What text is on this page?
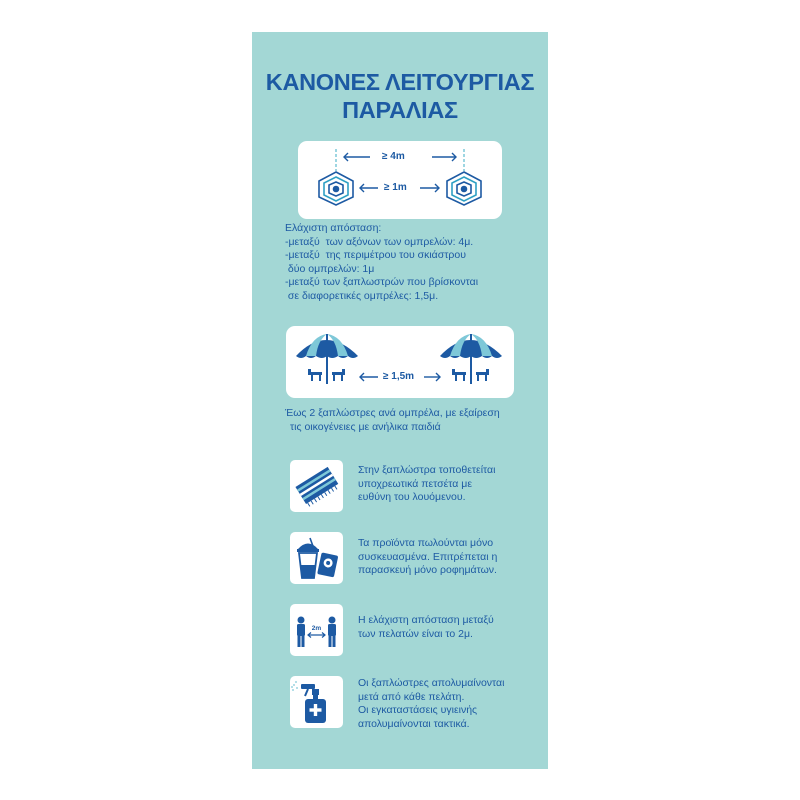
ΚΑΝΟΝΕΣ ΛΕΙΤΟΥΡΓΙΑΣ
ΠΑΡΑΛΙΑΣ
≥ 4m
≥ 1m
Ελάχιστη απόσταση:
-μεταξύ  των αξόνων των ομπρελών: 4μ.
-μεταξύ  της περιμέτρου του σκιάστρου
δύο ομπρελών: 1μ
-μεταξύ των ξαπλωστρών που βρίσκονται
σε διαφορετικές ομπρέλες: 1,5μ.
≥ 1,5m
Έως 2 ξαπλώστρες ανά ομπρέλα, με εξαίρεση
τις οικογένειες με ανήλικα παιδιά
Στην ξαπλώστρα τοποθετείται
υποχρεωτικά πετσέτα με
ευθύνη του λουόμενου.
Τα προϊόντα πωλούνται μόνο
συσκευασμένα. Επιτρέπεται η
παρασκευή μόνο ροφημάτων.
2m
Η ελάχιστη απόσταση μεταξύ
των πελατών είναι το 2μ.
Οι ξαπλώστρες απολυμαίνονται
μετά από κάθε πελάτη.
Οι εγκαταστάσεις υγιεινής
απολυμαίνονται τακτικά.
